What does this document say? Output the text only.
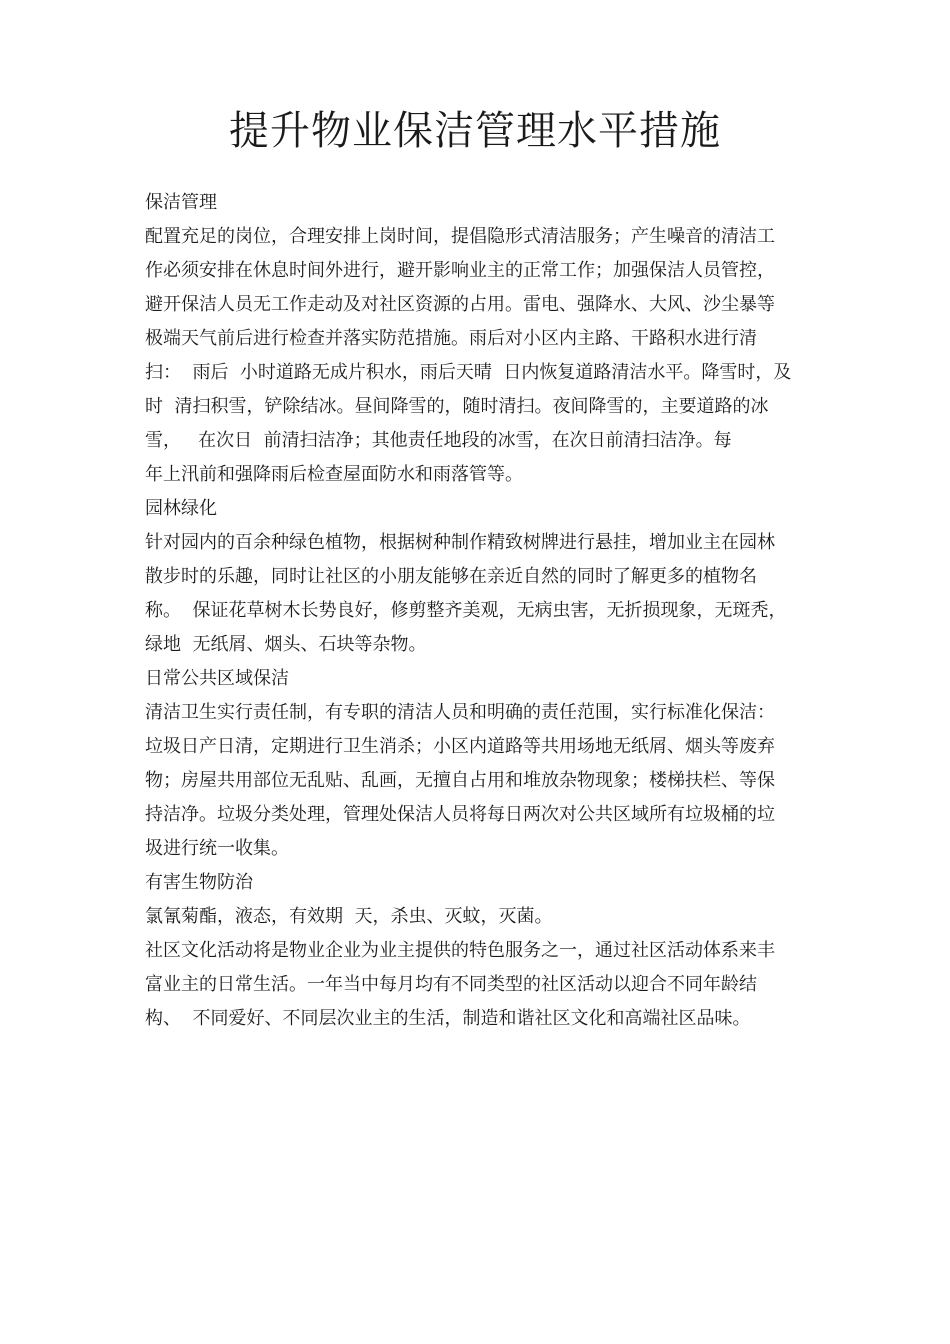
提升物业保洁管理水平措施
保洁管理
配置充足的岗位，合理安排上岗时间，提倡隐形式清洁服务；产生噪音的清洁工
作必须安排在休息时间外进行，避开影响业主的正常工作；加强保洁人员管控，
避开保洁人员无工作走动及对社区资源的占用。雷电、强降水、大风、沙尘暴等
极端天气前后进行检查并落实防范措施。雨后对小区内主路、干路积水进行清
扫：  雨后  小时道路无成片积水，雨后天晴  日内恢复道路清洁水平。降雪时，及
时  清扫积雪，铲除结冰。昼间降雪的，随时清扫。夜间降雪的，主要道路的冰
雪，   在次日  前清扫洁净；其他责任地段的冰雪，在次日前清扫洁净。每
年上汛前和强降雨后检查屋面防水和雨落管等。
园林绿化
针对园内的百余种绿色植物，根据树种制作精致树牌进行悬挂，增加业主在园林
散步时的乐趣，同时让社区的小朋友能够在亲近自然的同时了解更多的植物名
称。  保证花草树木长势良好，修剪整齐美观，无病虫害，无折损现象，无斑秃，
绿地  无纸屑、烟头、石块等杂物。
日常公共区域保洁
清洁卫生实行责任制，有专职的清洁人员和明确的责任范围，实行标准化保洁：
垃圾日产日清，定期进行卫生消杀；小区内道路等共用场地无纸屑、烟头等废弃
物；房屋共用部位无乱贴、乱画，无擅自占用和堆放杂物现象；楼梯扶栏、等保
持洁净。垃圾分类处理，管理处保洁人员将每日两次对公共区域所有垃圾桶的垃
圾进行统一收集。
有害生物防治
氯氰菊酯，液态，有效期  天，杀虫、灭蚊，灭菌。
社区文化活动将是物业企业为业主提供的特色服务之一，通过社区活动体系来丰
富业主的日常生活。一年当中每月均有不同类型的社区活动以迎合不同年龄结
构、  不同爱好、不同层次业主的生活，制造和谐社区文化和高端社区品味。
